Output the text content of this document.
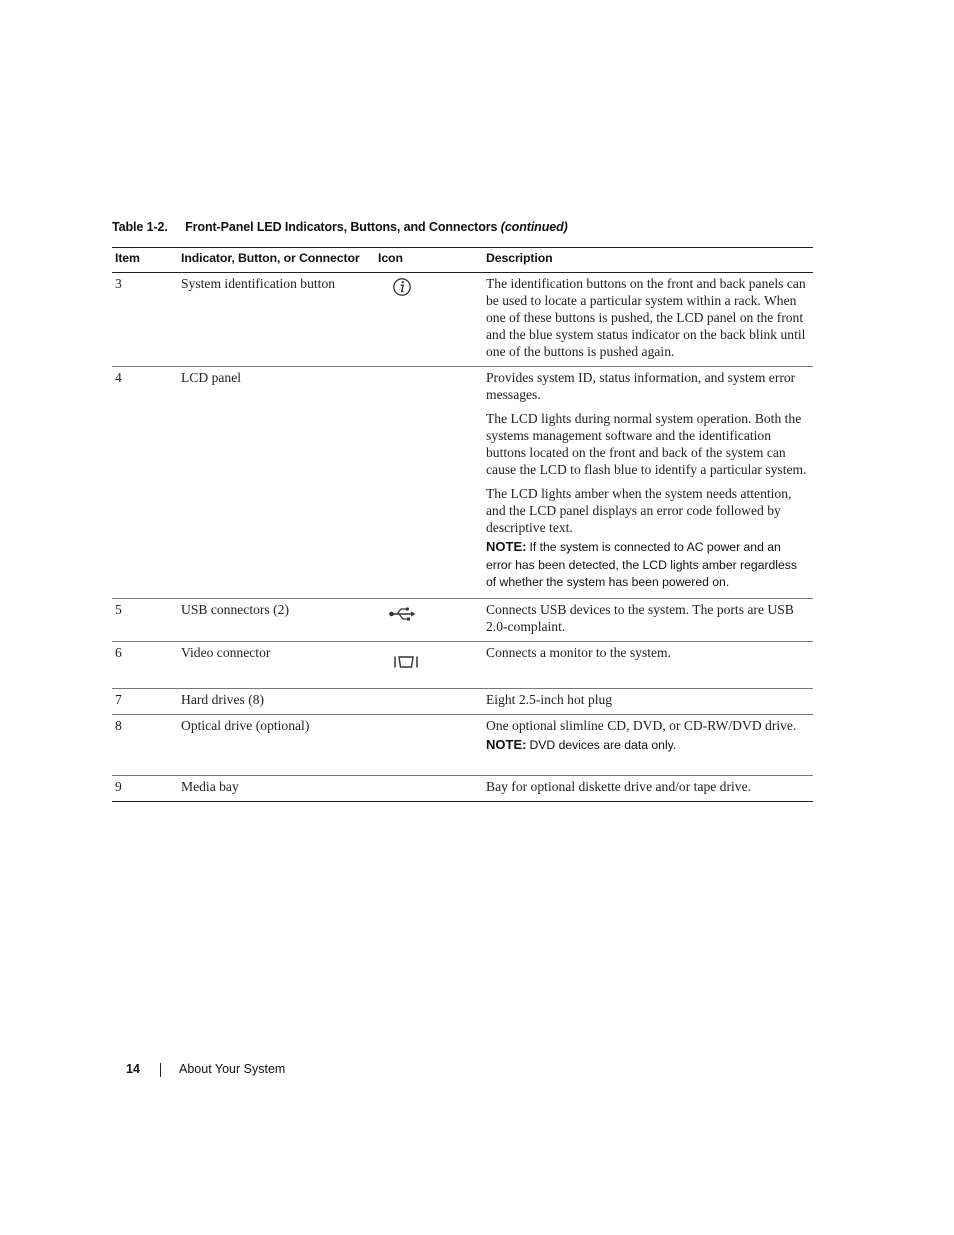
Table 1-2. Front-Panel LED Indicators, Buttons, and Connectors (continued)
Item	Indicator, Button, or Connector	Icon	Description
3	System identification button		The identification buttons on the front and back panels can be used to locate a particular system within a rack. When one of these buttons is pushed, the LCD panel on the front and the blue system status indicator on the back blink until one of the buttons is pushed again.

4	LCD panel		Provides system ID, status information, and system error messages.

The LCD lights during normal system operation. Both the systems management software and the identification buttons located on the front and back of the system can cause the LCD to flash blue to identify a particular system.

The LCD lights amber when the system needs attention, and the LCD panel displays an error code followed by descriptive text.

NOTE: If the system is connected to AC power and an error has been detected, the LCD lights amber regardless of whether the system has been powered on.

5	USB connectors (2)		Connects USB devices to the system. The ports are USB 2.0-complaint.

6	Video connector		Connects a monitor to the system.

7	Hard drives (8)		Eight 2.5-inch hot plug

8	Optical drive (optional)		One optional slimline CD, DVD, or CD-RW/DVD drive.

NOTE: DVD devices are data only.

9	Media bay		Bay for optional diskette drive and/or tape drive.

14	About Your System
